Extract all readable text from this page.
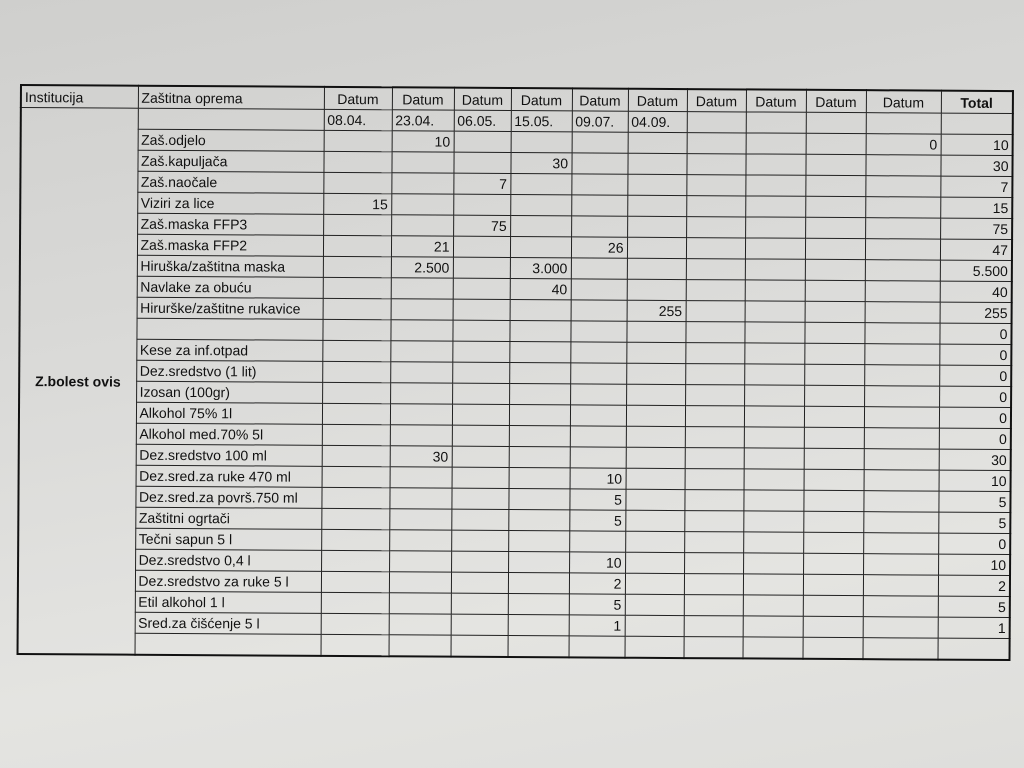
Institucija	Zaštitna oprema	Datum	Datum	Datum	Datum	Datum	Datum	Datum	Datum	Datum	Datum	Total
Z.bolest ovis		08.04.	23.04.	06.05.	15.05.	09.07.	04.09.					
	Zaš.odjelo		10								0	10
	Zaš.kapuljača				30							30
	Zaš.naočale			7								7
	Viziri za lice	15										15
	Zaš.maska FFP3			75								75
	Zaš.maska FFP2		21			26						47
	Hiruška/zaštitna maska		2.500		3.000							5.500
	Navlake za obuću				40							40
	Hirurške/zaštitne rukavice						255					255
												0
	Kese za inf.otpad											0
	Dez.sredstvo (1 lit)											0
	Izosan (100gr)											0
	Alkohol 75% 1l											0
	Alkohol med.70% 5l											0
	Dez.sredstvo 100 ml		30									30
	Dez.sred.za ruke 470 ml					10						10
	Dez.sred.za površ.750 ml					5						5
	Zaštitni ogrtači					5						5
	Tečni sapun 5 l											0
	Dez.sredstvo 0,4 l					10						10
	Dez.sredstvo za ruke 5 l					2						2
	Etil alkohol 1 l					5						5
	Sred.za čišćenje 5 l					1						1
